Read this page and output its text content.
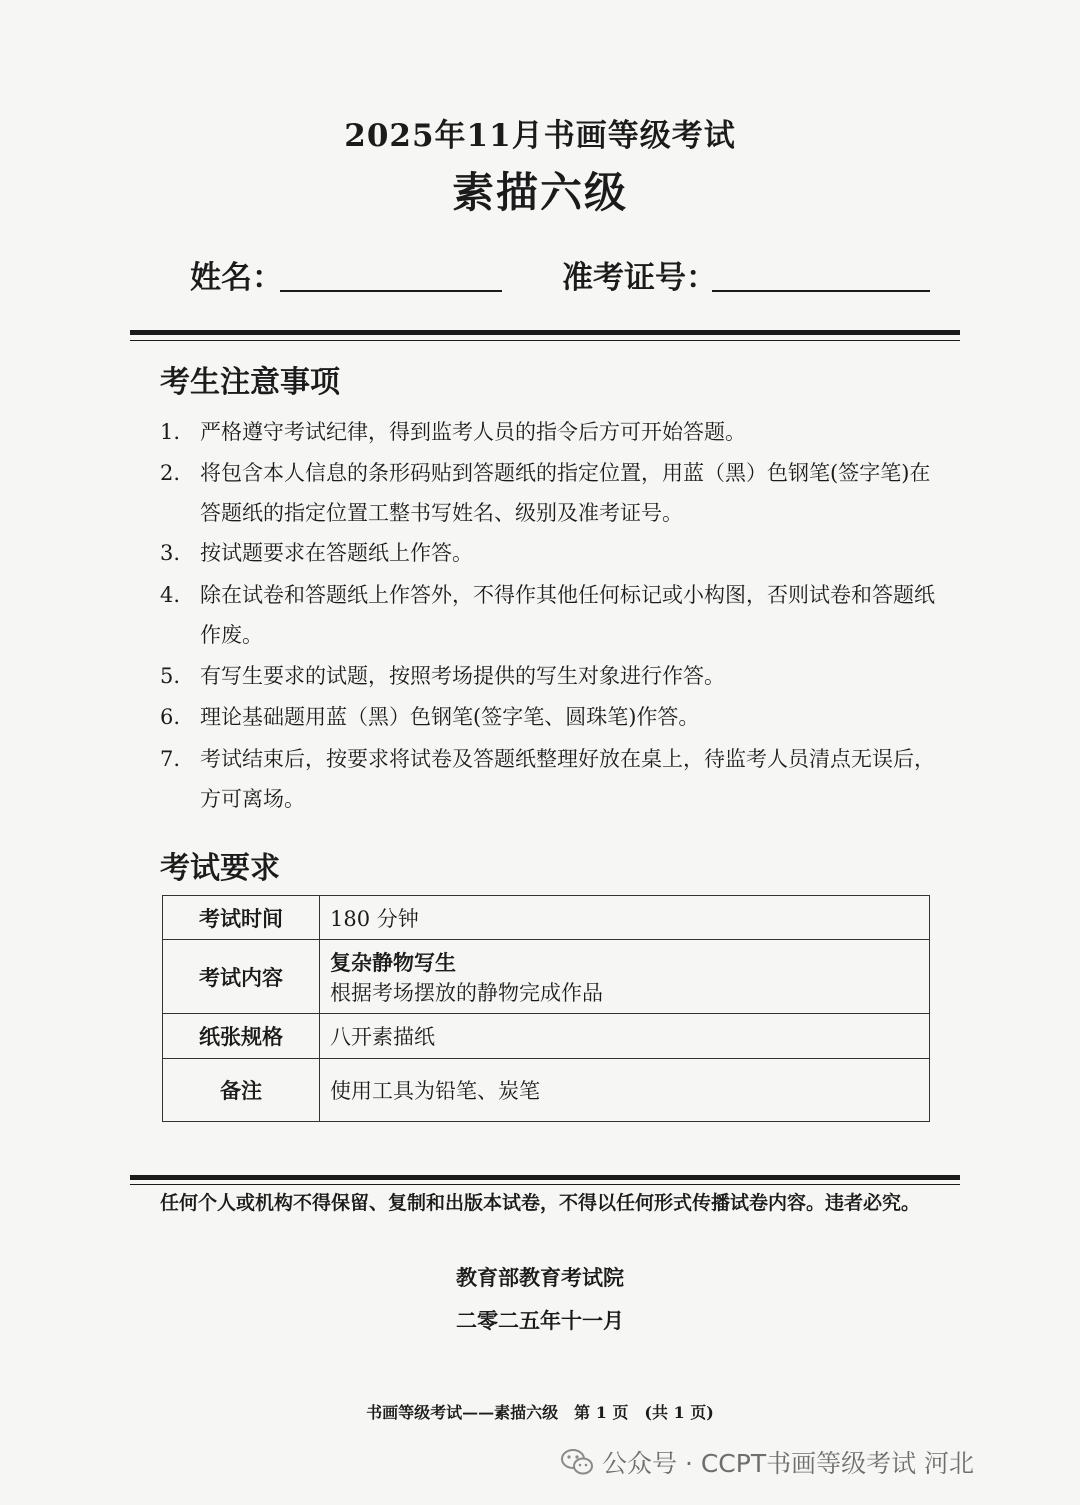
2025年11月书画等级考试
素描六级
姓名：	准考证号：
考生注意事项
1. 严格遵守考试纪律，得到监考人员的指令后方可开始答题。
2. 将包含本人信息的条形码贴到答题纸的指定位置，用蓝（黑）色钢笔(签字笔)在答题纸的指定位置工整书写姓名、级别及准考证号。
3. 按试题要求在答题纸上作答。
4. 除在试卷和答题纸上作答外，不得作其他任何标记或小构图，否则试卷和答题纸作废。
5. 有写生要求的试题，按照考场提供的写生对象进行作答。
6. 理论基础题用蓝（黑）色钢笔(签字笔、圆珠笔)作答。
7. 考试结束后，按要求将试卷及答题纸整理好放在桌上，待监考人员清点无误后，方可离场。
考试要求
考试时间	180 分钟
考试内容	复杂静物写生
根据考场摆放的静物完成作品

纸张规格	八开素描纸
备注	使用工具为铅笔、炭笔
任何个人或机构不得保留、复制和出版本试卷，不得以任何形式传播试卷内容。违者必究。
教育部教育考试院
二零二五年十一月
书画等级考试——素描六级　第 1 页　(共 1 页)
公众号 · CCPT书画等级考试 河北
